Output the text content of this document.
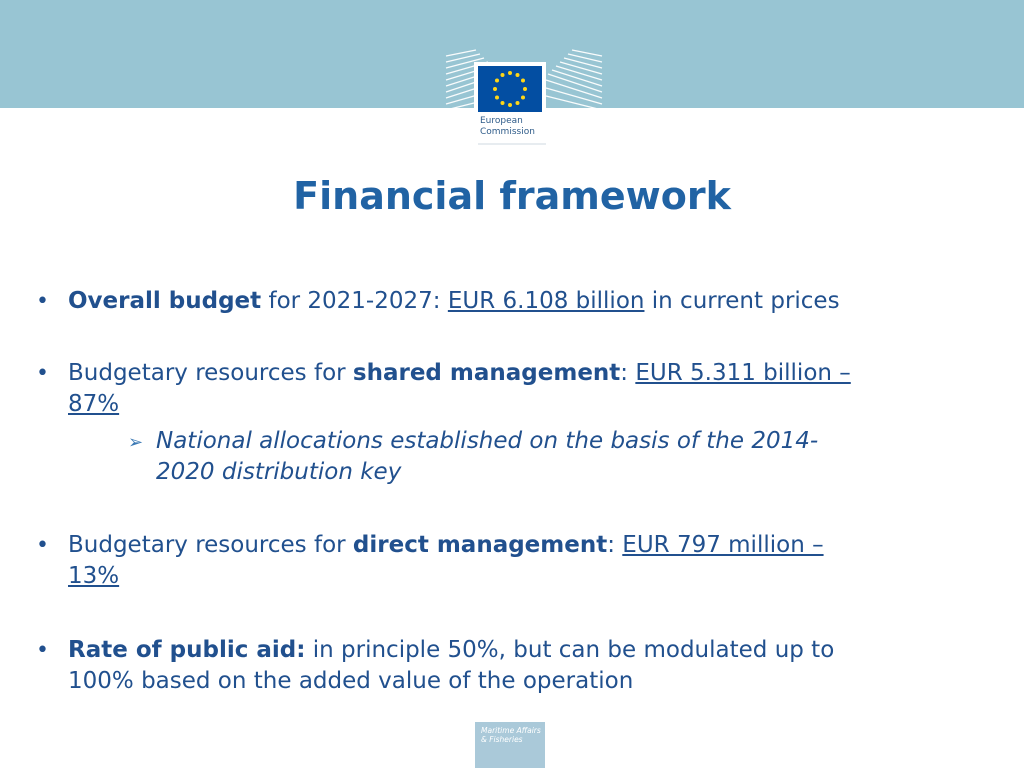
European
Commission
Financial framework
• Overall budget for 2021-2027: EUR 6.108 billion in current prices
• Budgetary resources for shared management: EUR 5.311 billion –
87%
➢ National allocations established on the basis of the 2014-
2020 distribution key
• Budgetary resources for direct management: EUR 797 million –
13%
• Rate of public aid: in principle 50%, but can be modulated up to
100% based on the added value of the operation
Maritime Affairs
& Fisheries
